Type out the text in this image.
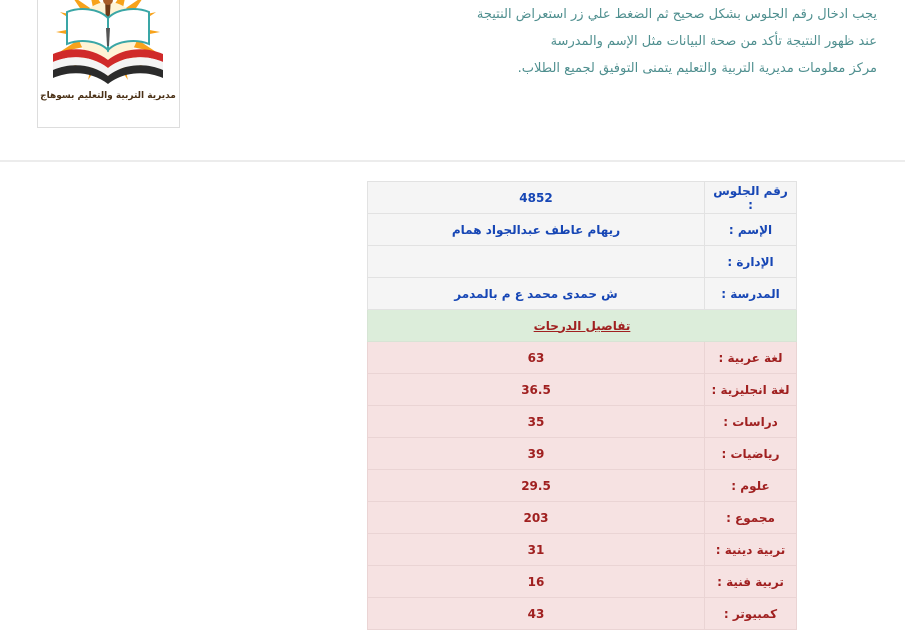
مديرية التربية والتعليم بسوهاج
يجب ادخال رقم الجلوس بشكل صحيح ثم الضغط علي زر استعراض النتيجة
عند ظهور النتيجة تأكد من صحة البيانات مثل الإسم والمدرسة
مركز معلومات مديرية التربية والتعليم يتمنى التوفيق لجميع الطلاب.
رقم الجلوس :	4852
الإسم :	ريهام عاطف عبدالجواد همام
الإدارة :	
المدرسة :	ش حمدى محمد ع م بالمدمر
تفاصيل الدرجات	
لغة عربية :	63
لغة انجليزية :	36.5
دراسات :	35
رياضيات :	39
علوم :	29.5
مجموع :	203
تربية دينية :	31
تربية فنية :	16
كمبيوتر :	43
